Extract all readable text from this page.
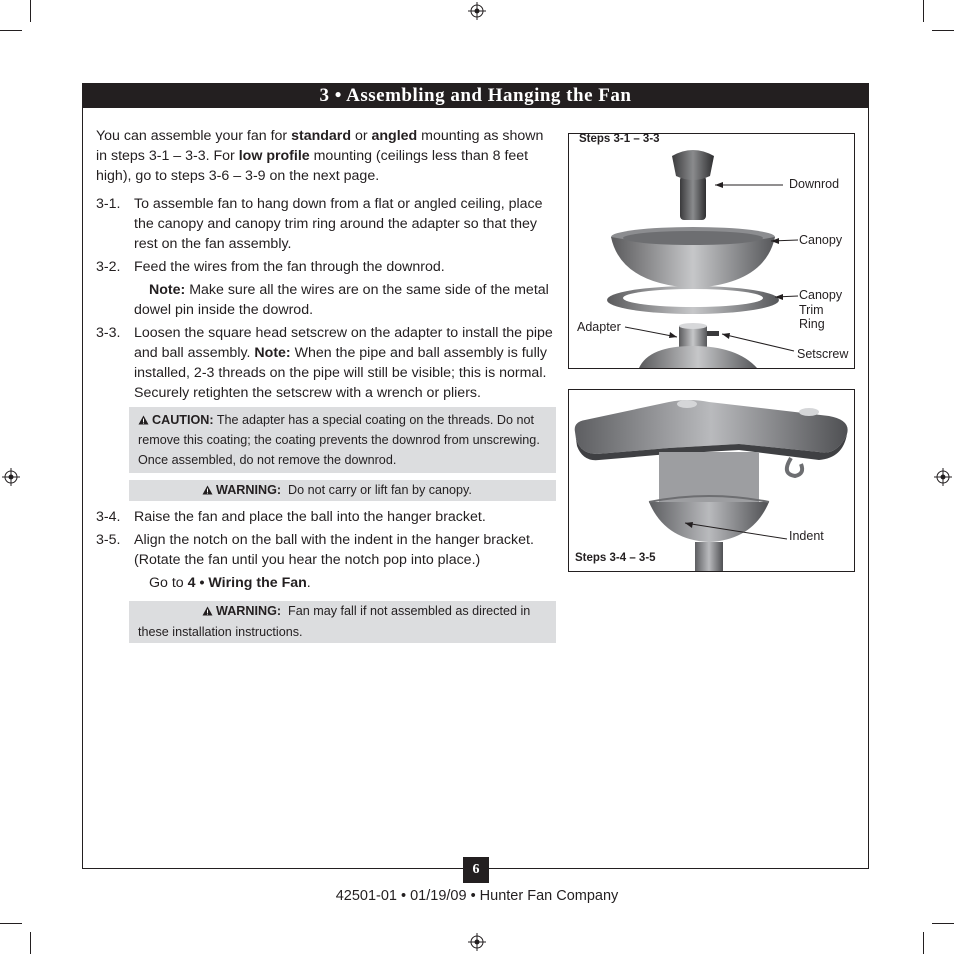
3 • Assembling and Hanging the Fan

You can assemble your fan for standard or angled mounting as shown in steps 3-1 – 3-3. For low profile mounting (ceilings less than 8 feet high), go to steps 3-6 – 3-9 on the next page.

3-1. To assemble fan to hang down from a flat or angled ceiling, place the canopy and canopy trim ring around the adapter so that they rest on the fan assembly.
3-2. Feed the wires from the fan through the downrod.
Note: Make sure all the wires are on the same side of the metal dowel pin inside the dowrod.
3-3. Loosen the square head setscrew on the adapter to install the pipe and ball assembly. Note: When the pipe and ball assembly is fully installed, 2-3 threads on the pipe will still be visible; this is normal. Securely retighten the setscrew with a wrench or pliers.
CAUTION: The adapter has a special coating on the threads. Do not remove this coating; the coating prevents the downrod from unscrewing. Once assembled, do not remove the downrod.
WARNING:  Do not carry or lift fan by canopy.
3-4. Raise the fan and place the ball into the hanger bracket.
3-5. Align the notch on the ball with the indent in the hanger bracket. (Rotate the fan until you hear the notch pop into place.)

Go to 4 • Wiring the Fan.

WARNING:  Fan may fall if not assembled as directed in these installation instructions.
Steps 3-1 – 3-3
Downrod
Canopy
Canopy
Trim
Ring
Adapter
Setscrew
Indent
Steps 3-4 – 3-5
6
42501-01 • 01/19/09 • Hunter Fan Company
